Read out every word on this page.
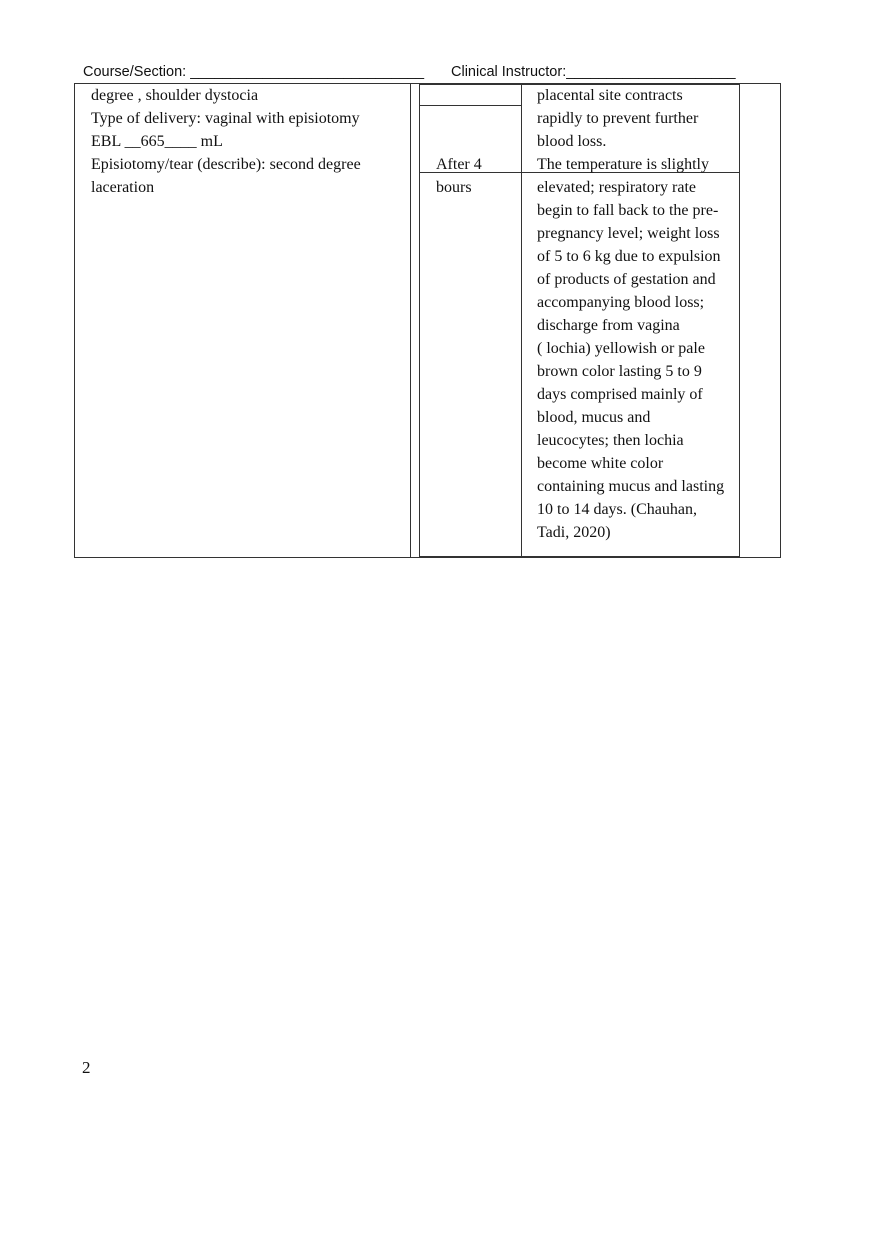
Course/Section: _____________________________ Clinical Instructor:_____________________
degree , shoulder dystocia
Type of delivery: vaginal with episiotomy
EBL __665____ mL
Episiotomy/tear (describe): second degree
laceration
After 4
bours
placental site contracts
rapidly to prevent further
blood loss.
The temperature is slightly
elevated; respiratory rate
begin to fall back to the pre-
pregnancy level; weight loss
of 5 to 6 kg due to expulsion
of products of gestation and
accompanying blood loss;
discharge from vagina
( lochia) yellowish or pale
brown color lasting 5 to 9
days comprised mainly of
blood, mucus and
leucocytes; then lochia
become white color
containing mucus and lasting
10 to 14 days. (Chauhan,
Tadi, 2020)
2
